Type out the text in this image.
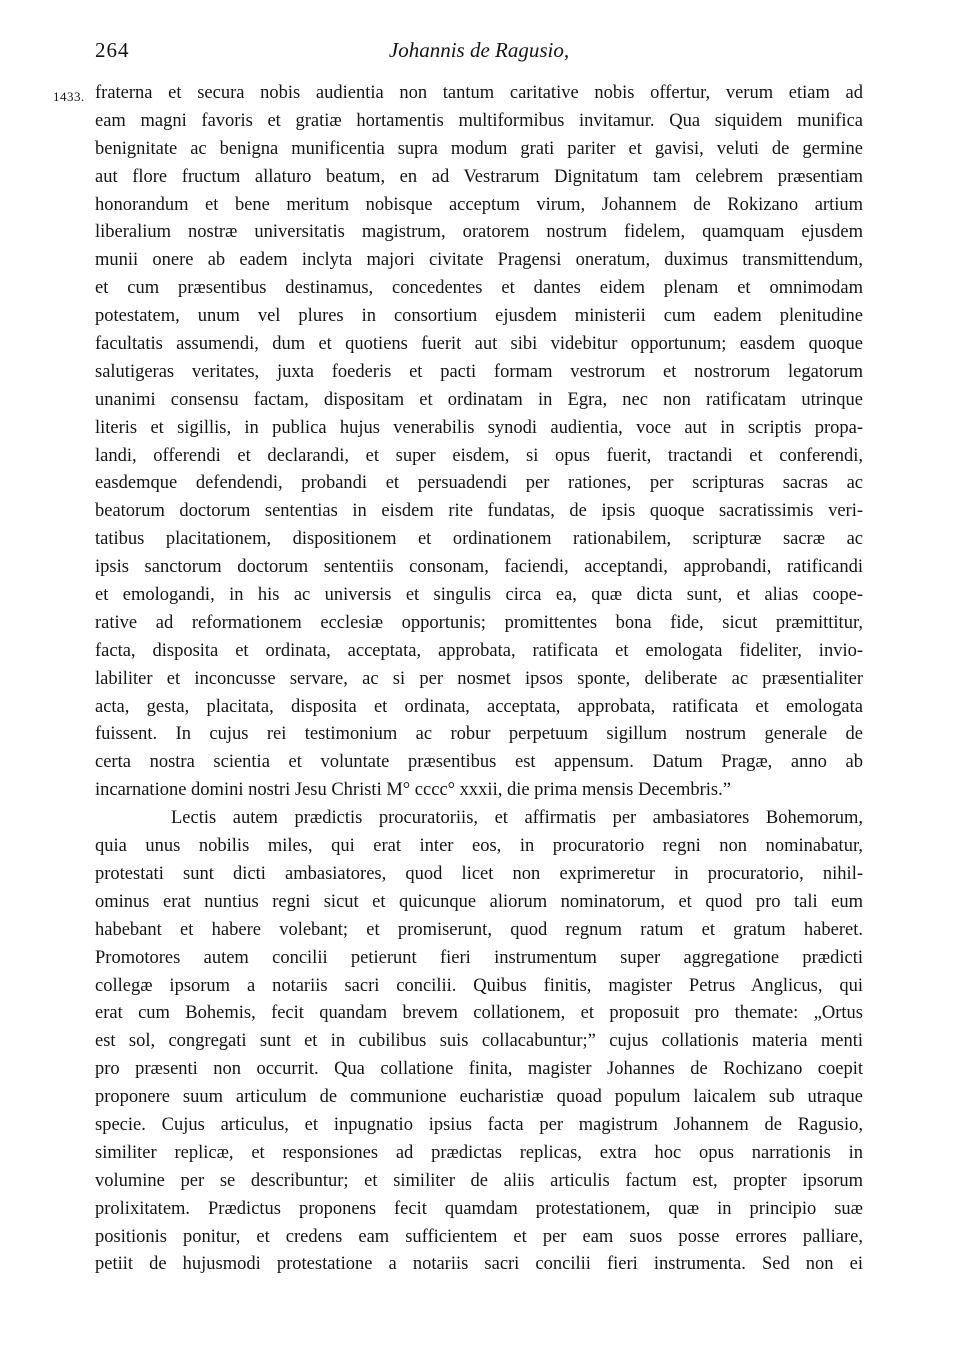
264	Johannis de Ragusio,
1433. fraterna et secura nobis audientia non tantum caritative nobis offertur, verum etiam ad
eam magni favoris et gratiæ hortamentis multiformibus invitamur. Qua siquidem munifica
benignitate ac benigna munificentia supra modum grati pariter et gavisi, veluti de germine
aut flore fructum allaturo beatum, en ad Vestrarum Dignitatum tam celebrem præsentiam
honorandum et bene meritum nobisque acceptum virum, Johannem de Rokizano artium
liberalium nostræ universitatis magistrum, oratorem nostrum fidelem, quamquam ejusdem
munii onere ab eadem inclyta majori civitate Pragensi oneratum, duximus transmittendum,
et cum præsentibus destinamus, concedentes et dantes eidem plenam et omnimodam
potestatem, unum vel plures in consortium ejusdem ministerii cum eadem plenitudine
facultatis assumendi, dum et quotiens fuerit aut sibi videbitur opportunum; easdem quoque
salutigeras veritates, juxta foederis et pacti formam vestrorum et nostrorum legatorum
unanimi consensu factam, dispositam et ordinatam in Egra, nec non ratificatam utrinque
literis et sigillis, in publica hujus venerabilis synodi audientia, voce aut in scriptis propa-
landi, offerendi et declarandi, et super eisdem, si opus fuerit, tractandi et conferendi,
easdemque defendendi, probandi et persuadendi per rationes, per scripturas sacras ac
beatorum doctorum sententias in eisdem rite fundatas, de ipsis quoque sacratissimis veri-
tatibus placitationem, dispositionem et ordinationem rationabilem, scripturæ sacræ ac
ipsis sanctorum doctorum sententiis consonam, faciendi, acceptandi, approbandi, ratificandi
et emologandi, in his ac universis et singulis circa ea, quæ dicta sunt, et alias coope-
rative ad reformationem ecclesiæ opportunis; promittentes bona fide, sicut præmittitur,
facta, disposita et ordinata, acceptata, approbata, ratificata et emologata fideliter, invio-
labiliter et inconcusse servare, ac si per nosmet ipsos sponte, deliberate ac præsentialiter
acta, gesta, placitata, disposita et ordinata, acceptata, approbata, ratificata et emologata
fuissent. In cujus rei testimonium ac robur perpetuum sigillum nostrum generale de
certa nostra scientia et voluntate præsentibus est appensum. Datum Pragæ, anno ab
incarnatione domini nostri Jesu Christi M° cccc° xxxii, die prima mensis Decembris.”
Lectis autem prædictis procuratoriis, et affirmatis per ambasiatores Bohemorum,
quia unus nobilis miles, qui erat inter eos, in procuratorio regni non nominabatur,
protestati sunt dicti ambasiatores, quod licet non exprimeretur in procuratorio, nihil-
ominus erat nuntius regni sicut et quicunque aliorum nominatorum, et quod pro tali eum
habebant et habere volebant; et promiserunt, quod regnum ratum et gratum haberet.
Promotores autem concilii petierunt fieri instrumentum super aggregatione prædicti
collegæ ipsorum a notariis sacri concilii. Quibus finitis, magister Petrus Anglicus, qui
erat cum Bohemis, fecit quandam brevem collationem, et proposuit pro themate: „Ortus
est sol, congregati sunt et in cubilibus suis collacabuntur;” cujus collationis materia menti
pro præsenti non occurrit. Qua collatione finita, magister Johannes de Rochizano coepit
proponere suum articulum de communione eucharistiæ quoad populum laicalem sub utraque
specie. Cujus articulus, et inpugnatio ipsius facta per magistrum Johannem de Ragusio,
similiter replicæ, et responsiones ad prædictas replicas, extra hoc opus narrationis in
volumine per se describuntur; et similiter de aliis articulis factum est, propter ipsorum
prolixitatem. Prædictus proponens fecit quamdam protestationem, quæ in principio suæ
positionis ponitur, et credens eam sufficientem et per eam suos posse errores palliare,
petiit de hujusmodi protestatione a notariis sacri concilii fieri instrumenta. Sed non ei
